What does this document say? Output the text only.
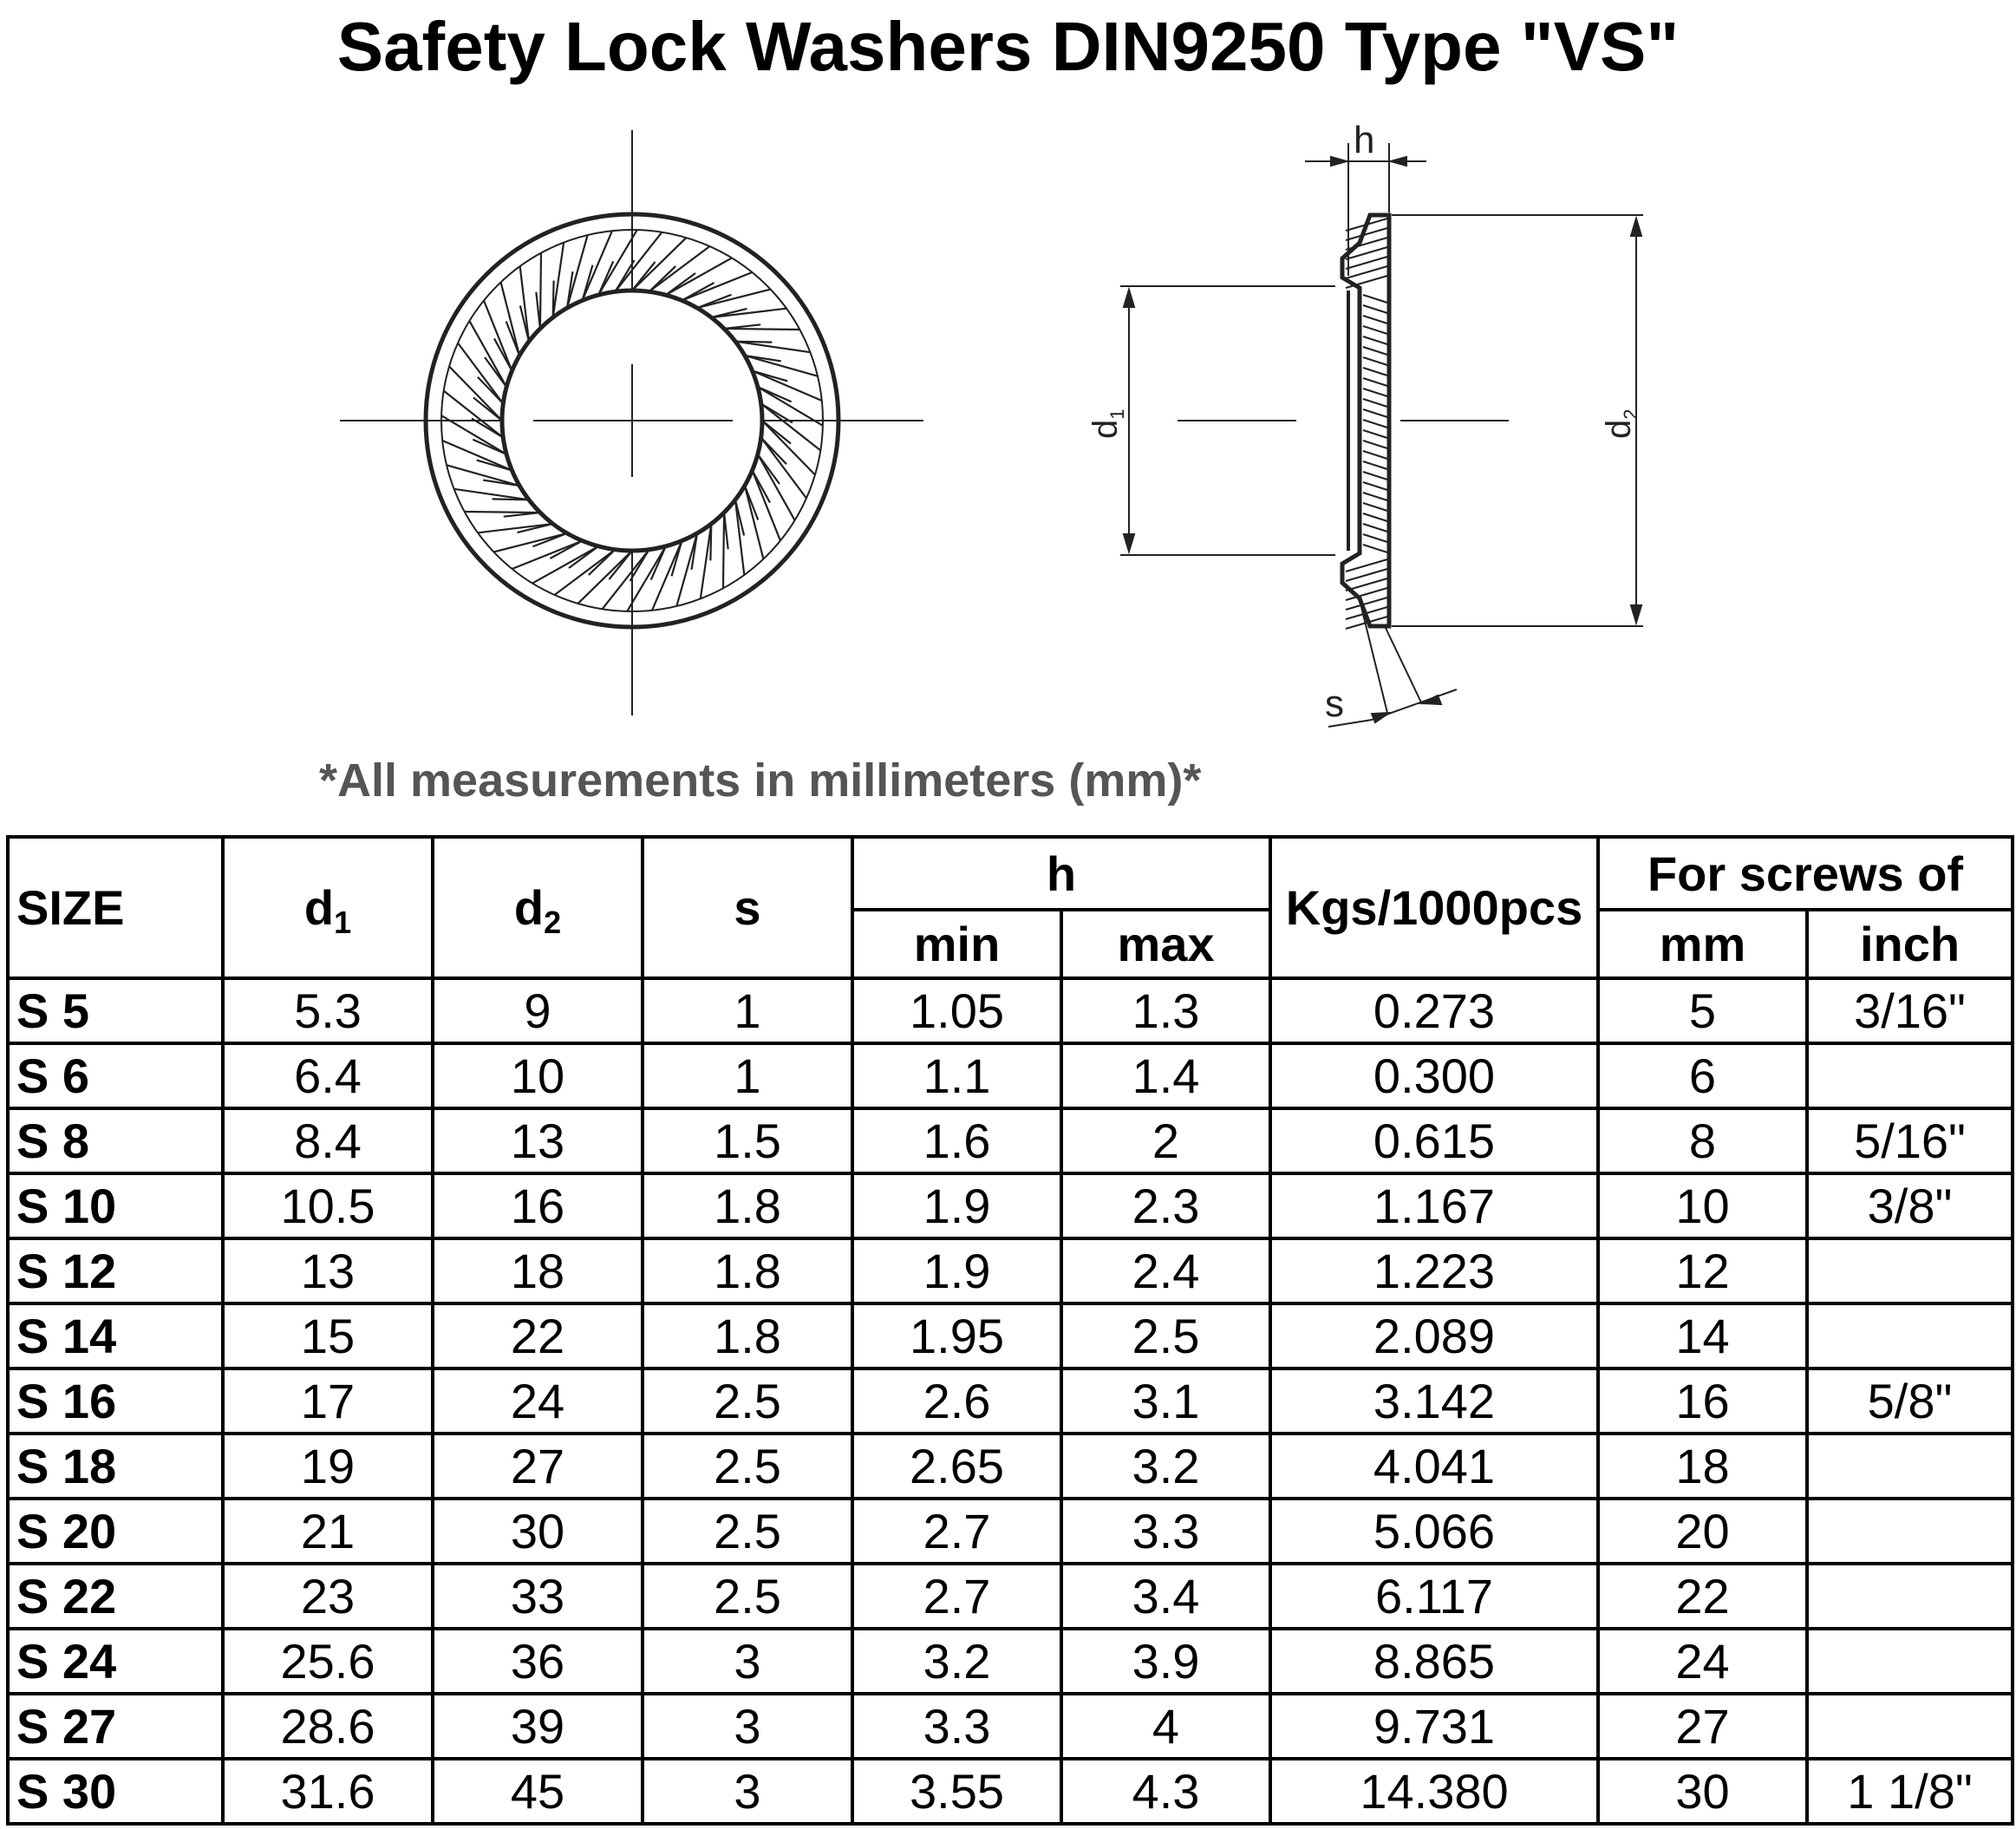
Safety Lock Washers DIN9250 Type "VS"
h
s
$d_1$
$d_2$
*All measurements in millimeters (mm)*
SIZE	$d_1$	$d_2$	s	h		Kgs/1000pcs	For screws of	
				min	max		mm	inch
S 5	5.3	9	1	1.05	1.3	0.273	5	3/16"
S 6	6.4	10	1	1.1	1.4	0.300	6	
S 8	8.4	13	1.5	1.6	2	0.615	8	5/16"
S 10	10.5	16	1.8	1.9	2.3	1.167	10	3/8"
S 12	13	18	1.8	1.9	2.4	1.223	12	
S 14	15	22	1.8	1.95	2.5	2.089	14	
S 16	17	24	2.5	2.6	3.1	3.142	16	5/8"
S 18	19	27	2.5	2.65	3.2	4.041	18	
S 20	21	30	2.5	2.7	3.3	5.066	20	
S 22	23	33	2.5	2.7	3.4	6.117	22	
S 24	25.6	36	3	3.2	3.9	8.865	24	
S 27	28.6	39	3	3.3	4	9.731	27	
S 30	31.6	45	3	3.55	4.3	14.380	30	1 1/8"
